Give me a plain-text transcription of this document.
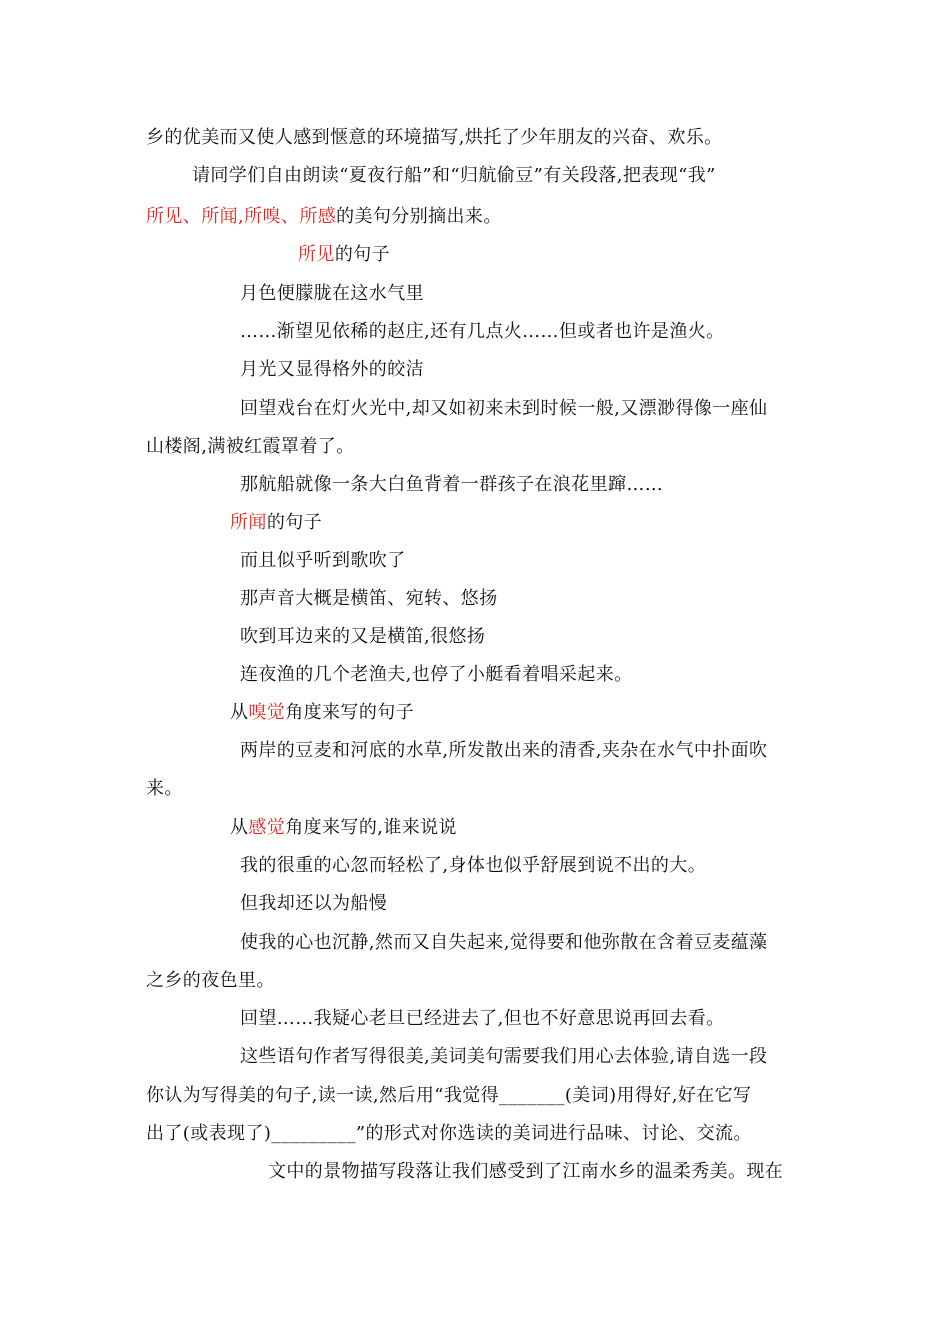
乡的优美而又使人感到惬意的环境描写,烘托了少年朋友的兴奋、欢乐。
请同学们自由朗读“夏夜行船”和“归航偷豆”有关段落,把表现“我”
所见、所闻,所嗅、所感的美句分别摘出来。
所见的句子
月色便朦胧在这水气里
……渐望见依稀的赵庄,还有几点火……但或者也许是渔火。
月光又显得格外的皎洁
回望戏台在灯火光中,却又如初来未到时候一般,又漂渺得像一座仙
山楼阁,满被红霞罩着了。
那航船就像一条大白鱼背着一群孩子在浪花里蹿……
所闻的句子
而且似乎听到歌吹了
那声音大概是横笛、宛转、悠扬
吹到耳边来的又是横笛,很悠扬
连夜渔的几个老渔夫,也停了小艇看着唱采起来。
从嗅觉角度来写的句子
两岸的豆麦和河底的水草,所发散出来的清香,夹杂在水气中扑面吹
来。
从感觉角度来写的,谁来说说
我的很重的心忽而轻松了,身体也似乎舒展到说不出的大。
但我却还以为船慢
使我的心也沉静,然而又自失起来,觉得要和他弥散在含着豆麦蕴藻
之乡的夜色里。
回望……我疑心老旦已经进去了,但也不好意思说再回去看。
这些语句作者写得很美,美词美句需要我们用心去体验,请自选一段
你认为写得美的句子,读一读,然后用“我觉得_______(美词)用得好,好在它写
出了(或表现了)_________”的形式对你选读的美词进行品味、讨论、交流。
文中的景物描写段落让我们感受到了江南水乡的温柔秀美。现在
